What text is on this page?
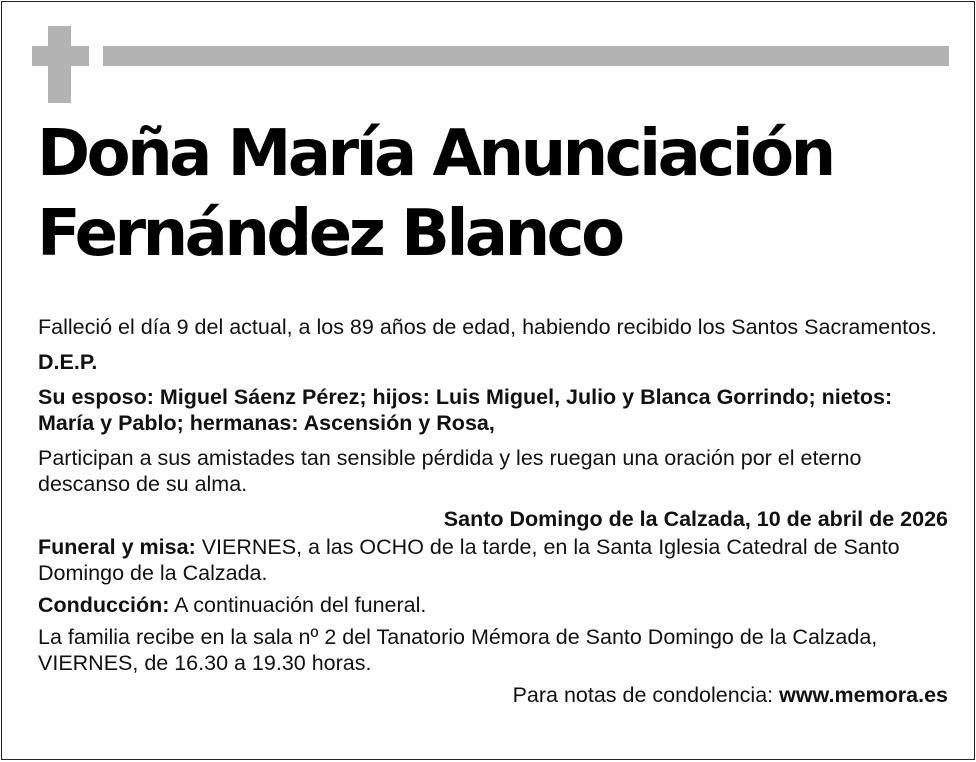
Doña María Anunciación
Fernández Blanco

Falleció el día 9 del actual, a los 89 años de edad, habiendo recibido los Santos Sacramentos.

D.E.P.

Su esposo: Miguel Sáenz Pérez; hijos: Luis Miguel, Julio y Blanca Gorrindo; nietos: María y Pablo; hermanas: Ascensión y Rosa,

Participan a sus amistades tan sensible pérdida y les ruegan una oración por el eterno descanso de su alma.

Santo Domingo de la Calzada, 10 de abril de 2026

Funeral y misa: VIERNES, a las OCHO de la tarde, en la Santa Iglesia Catedral de Santo Domingo de la Calzada.

Conducción: A continuación del funeral.

La familia recibe en la sala nº 2 del Tanatorio Mémora de Santo Domingo de la Calzada, VIERNES, de 16.30 a 19.30 horas.

Para notas de condolencia: www.memora.es
